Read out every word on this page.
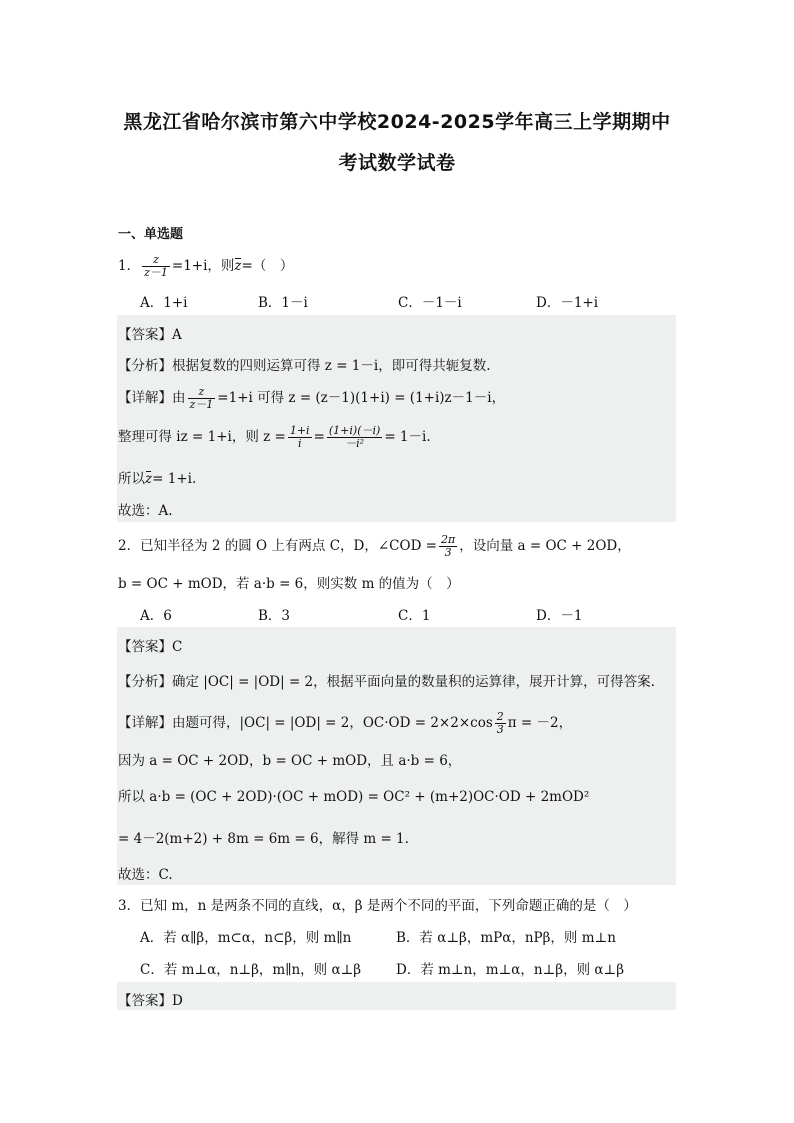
黑龙江省哈尔滨市第六中学校2024-2025学年高三上学期期中
考试数学试卷
一、单选题
1． $\frac{z}{z-1} =1+i$，则z=（　）
A．1+i	B．1－i	C．－1－i	D．－1+i
【答案】A
【分析】根据复数的四则运算可得 z = 1－i，即可得共轭复数.
【详解】由 $\frac{z}{z-1} =1+i$ 可得 z = (z－1)(1+i) = (1+i)z－1－i，
整理可得 iz = 1+i，则 $z = \frac{1+i}{i} = \frac{(1+i)(-i)}{\text{－i²}} = 1-i$.
所以z= 1+i.
故选：A.
2．已知半径为 2 的圆 O 上有两点 C，D，∠COD = $\frac{2\pi}{3}$ ，设向量 a = OC + 2OD，
b = OC + mOD，若 a·b = 6，则实数 m 的值为（　）
A．6	B．3	C．1	D．－1
【答案】C
【分析】确定 |OC| = |OD| = 2，根据平面向量的数量积的运算律，展开计算，可得答案.
【详解】由题可得，|OC| = |OD| = 2，$OC\cdot OD = 2\times 2\times\cos \frac{2}{3}$ π = －2，
因为 a = OC + 2OD，b = OC + mOD，且 a·b = 6，
所以 a·b = (OC + 2OD)·(OC + mOD) = OC² + (m+2)OC·OD + 2mOD²
= 4－2(m+2) + 8m = 6m = 6，解得 m = 1.
故选：C.
3．已知 m，n 是两条不同的直线，α，β 是两个不同的平面，下列命题正确的是（　）
A．若 α∥β，m⊂α，n⊂β，则 m∥n	B．若 α⊥β，mPα，nPβ，则 m⊥n
C．若 m⊥α，n⊥β，m∥n，则 α⊥β	D．若 m⊥n，m⊥α，n⊥β，则 α⊥β
【答案】D
